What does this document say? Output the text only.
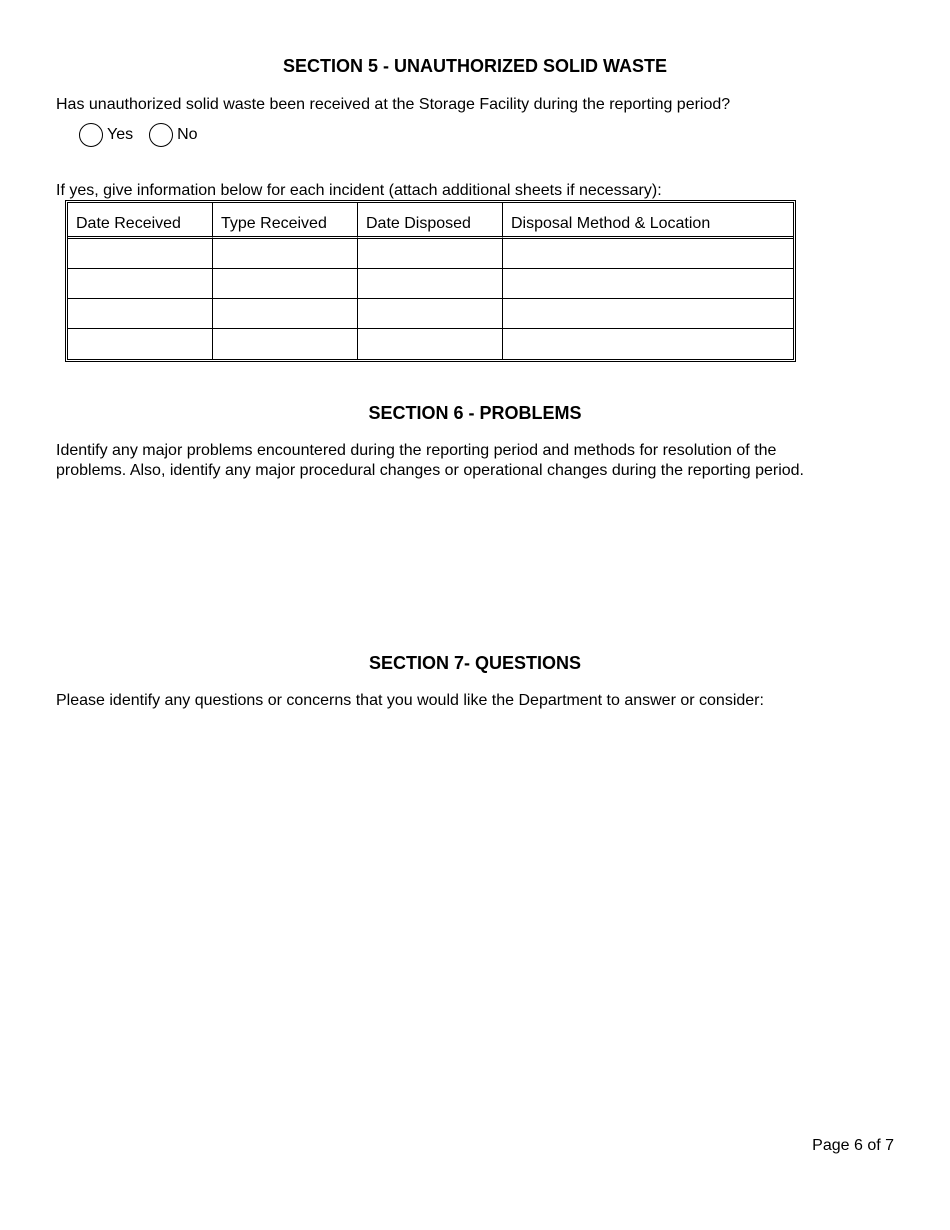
SECTION 5 - UNAUTHORIZED SOLID WASTE

Has unauthorized solid waste been received at the Storage Facility during the reporting period?

Yes	No

If yes, give information below for each incident (attach additional sheets if necessary):

Date Received	Type Received	Date Disposed	Disposal Method & Location

SECTION 6 - PROBLEMS

Identify any major problems encountered during the reporting period and methods for resolution of the

problems. Also, identify any major procedural changes or operational changes during the reporting period.

SECTION 7- QUESTIONS

Please identify any questions or concerns that you would like the Department to answer or consider:

Page 6 of 7
